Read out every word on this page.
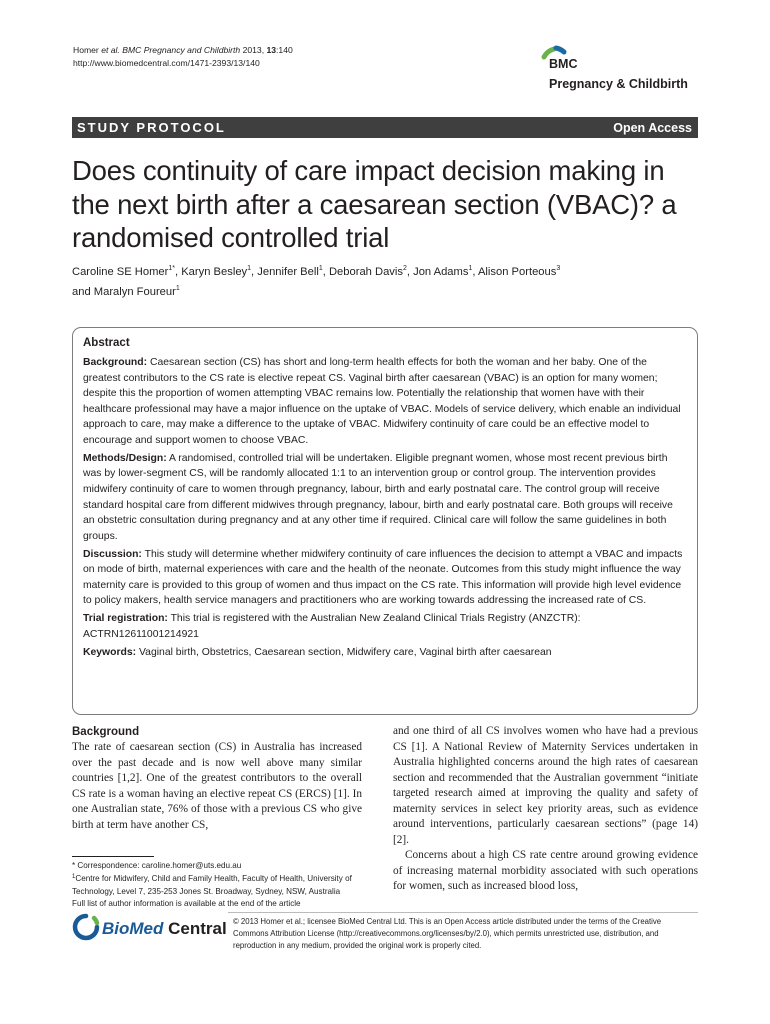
Homer et al. BMC Pregnancy and Childbirth 2013, 13:140
http://www.biomedcentral.com/1471-2393/13/140	BMC
Pregnancy & Childbirth
STUDY PROTOCOL	Open Access
Does continuity of care impact decision making in the next birth after a caesarean section (VBAC)? a randomised controlled trial
Caroline SE Homer$^{1*}$, Karyn Besley$^1$, Jennifer Bell$^1$, Deborah Davis$^2$, Jon Adams$^1$, Alison Porteous$^3$
and Maralyn Foureur$^1$
Abstract

Background: Caesarean section (CS) has short and long-term health effects for both the woman and her baby. One of the greatest contributors to the CS rate is elective repeat CS. Vaginal birth after caesarean (VBAC) is an option for many women; despite this the proportion of women attempting VBAC remains low. Potentially the relationship that women have with their healthcare professional may have a major influence on the uptake of VBAC. Models of service delivery, which enable an individual approach to care, may make a difference to the uptake of VBAC. Midwifery continuity of care could be an effective model to encourage and support women to choose VBAC.

Methods/Design: A randomised, controlled trial will be undertaken. Eligible pregnant women, whose most recent previous birth was by lower-segment CS, will be randomly allocated 1:1 to an intervention group or control group. The intervention provides midwifery continuity of care to women through pregnancy, labour, birth and early postnatal care. The control group will receive standard hospital care from different midwives through pregnancy, labour, birth and early postnatal care. Both groups will receive an obstetric consultation during pregnancy and at any other time if required. Clinical care will follow the same guidelines in both groups.

Discussion: This study will determine whether midwifery continuity of care influences the decision to attempt a VBAC and impacts on mode of birth, maternal experiences with care and the health of the neonate. Outcomes from this study might influence the way maternity care is provided to this group of women and thus impact on the CS rate. This information will provide high level evidence to policy makers, health service managers and practitioners who are working towards addressing the increased rate of CS.

Trial registration: This trial is registered with the Australian New Zealand Clinical Trials Registry (ANZCTR): ACTRN12611001214921

Keywords: Vaginal birth, Obstetrics, Caesarean section, Midwifery care, Vaginal birth after caesarean

Background

The rate of caesarean section (CS) in Australia has increased over the past decade and is now well above many similar countries [1,2]. One of the greatest contributors to the overall CS rate is a woman having an elective repeat CS (ERCS) [1]. In one Australian state, 76% of those with a previous CS who give birth at term have another CS,

and one third of all CS involves women who have had a previous CS [1]. A National Review of Maternity Services undertaken in Australia highlighted concerns around the high rates of caesarean section and recommended that the Australian government “initiate targeted research aimed at improving the quality and safety of maternity services in select key priority areas, such as evidence around interventions, particularly caesarean sections” (page 14) [2].

Concerns about a high CS rate centre around growing evidence of increasing maternal morbidity associated with such operations for women, such as increased blood loss,

* Correspondence: caroline.homer@uts.edu.au
$^1$Centre for Midwifery, Child and Family Health, Faculty of Health, University of Technology, Level 7, 235-253 Jones St. Broadway, Sydney, NSW, Australia
Full list of author information is available at the end of the article
BioMed Central © 2013 Homer et al.; licensee BioMed Central Ltd. This is an Open Access article distributed under the terms of the Creative Commons Attribution License (http://creativecommons.org/licenses/by/2.0), which permits unrestricted use, distribution, and reproduction in any medium, provided the original work is properly cited.
